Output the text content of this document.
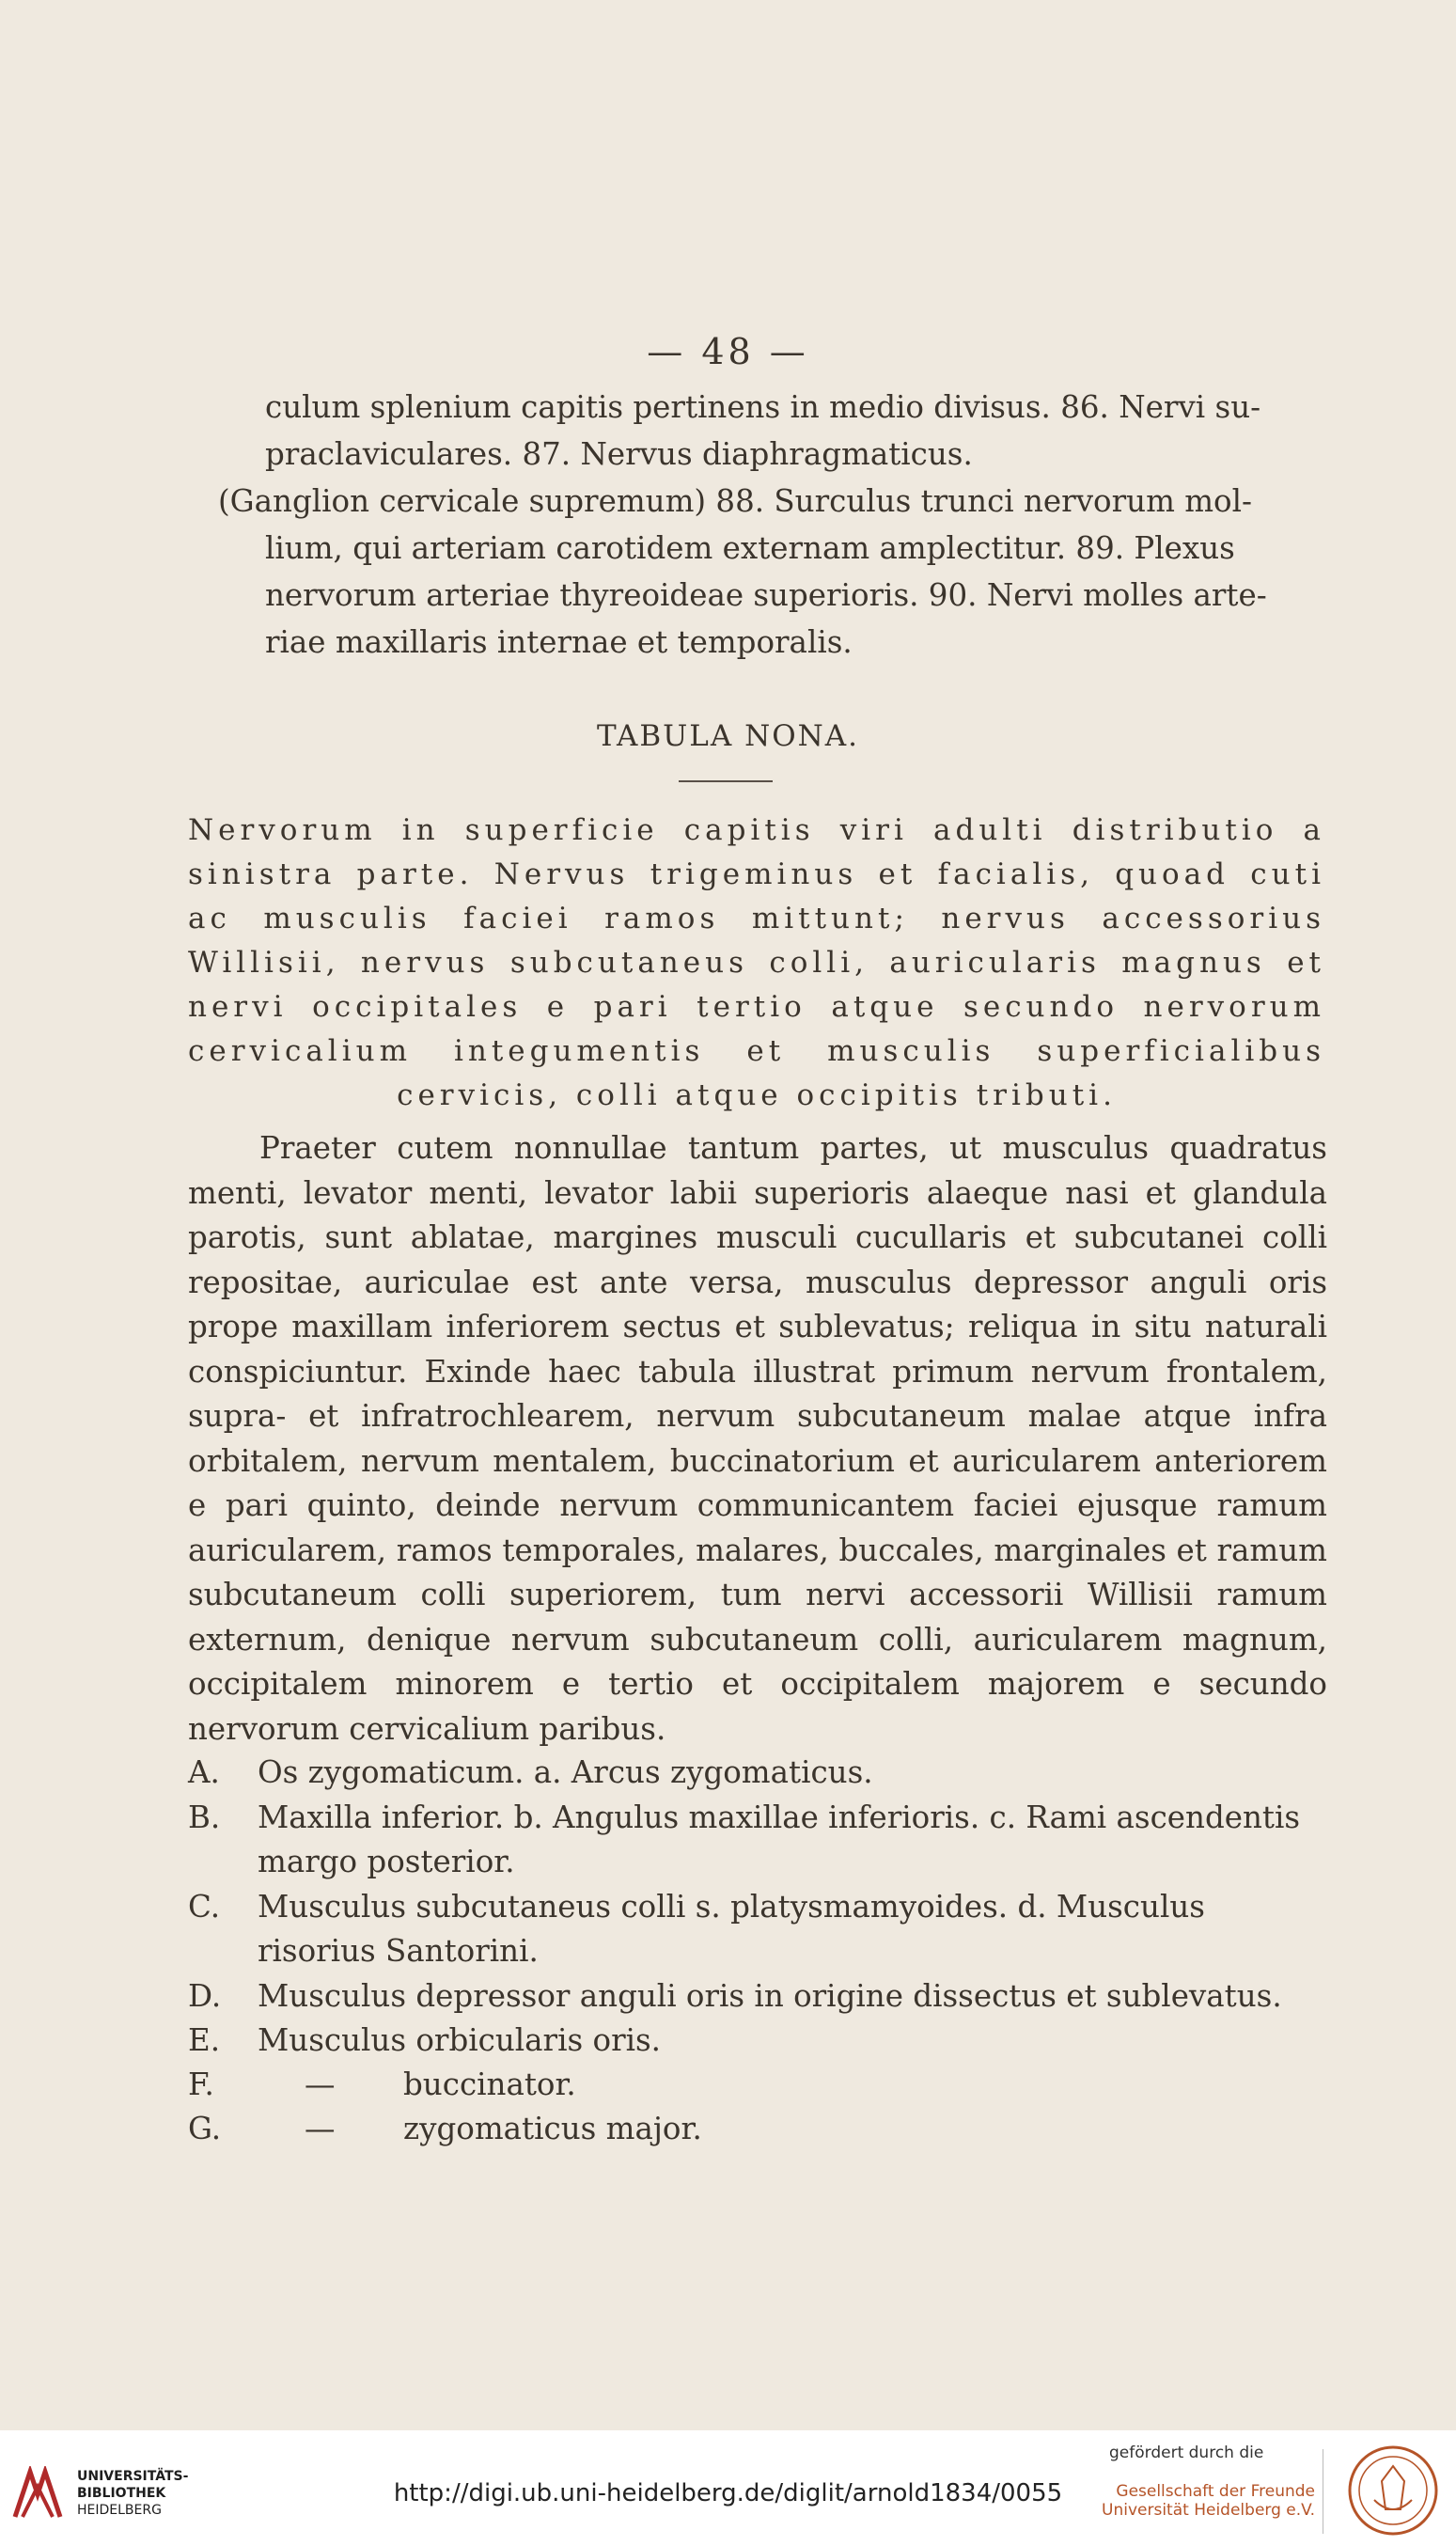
— 48 —
culum splenium capitis pertinens in medio divisus. 86. Nervi su-
praclaviculares. 87. Nervus diaphragmaticus.
(Ganglion cervicale supremum) 88. Surculus trunci nervorum mol-
lium, qui arteriam carotidem externam amplectitur. 89. Plexus
nervorum arteriae thyreoideae superioris. 90. Nervi molles arte-
riae maxillaris internae et temporalis.
TABULA NONA.
Nervorum in superficie capitis viri adulti distributio a sinistra parte. Nervus trigeminus et facialis, quoad cuti ac musculis faciei ramos mittunt; nervus accessorius Willisii, nervus subcutaneus colli, auricularis magnus et nervi occipitales e pari tertio atque secundo nervorum cervicalium integumentis et musculis superficialibus cervicis, colli atque occipitis tributi.
Praeter cutem nonnullae tantum partes, ut musculus quadratus menti, levator menti, levator labii superioris alaeque nasi et glandula parotis, sunt ablatae, margines musculi cucullaris et subcutanei colli repositae, auriculae est ante versa, musculus depressor anguli oris prope maxillam inferiorem sectus et sublevatus; reliqua in situ naturali conspiciuntur. Exinde haec tabula illustrat primum nervum frontalem, supra- et infratrochlearem, nervum subcutaneum malae atque infra orbitalem, nervum mentalem, buccinatorium et auricularem anteriorem e pari quinto, deinde nervum communicantem faciei ejusque ramum auricularem, ramos temporales, malares, buccales, marginales et ramum subcutaneum colli superiorem, tum nervi accessorii Willisii ramum externum, denique nervum subcutaneum colli, auricularem magnum, occipitalem minorem e tertio et occipitalem majorem e secundo nervorum cervicalium paribus.
A.	Os zygomaticum. a. Arcus zygomaticus.
B.	Maxilla inferior. b. Angulus maxillae inferioris. c. Rami ascendentis margo posterior.
C.	Musculus subcutaneus colli s. platysmamyoides. d. Musculus risorius Santorini.
D.	Musculus depressor anguli oris in origine dissectus et sublevatus.
E.	Musculus orbicularis oris.
F.	— buccinator.
G.	— zygomaticus major.
UNIVERSITÄTS-
BIBLIOTHEK
HEIDELBERG
http://digi.ub.uni-heidelberg.de/diglit/arnold1834/0055
gefördert durch die
Gesellschaft der Freunde
Universität Heidelberg e.V.
